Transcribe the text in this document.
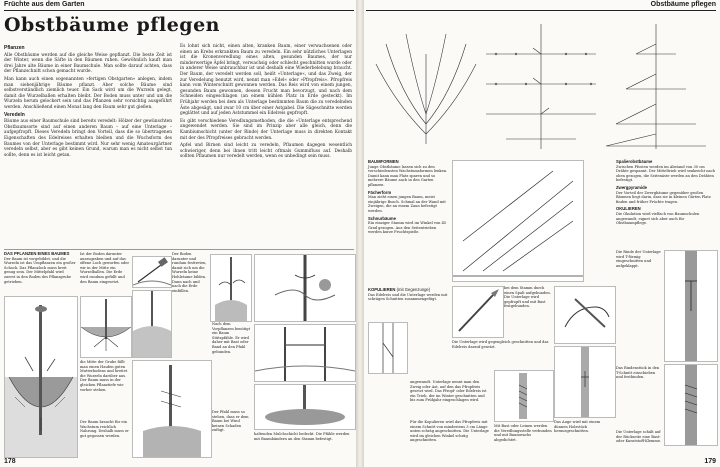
Früchte aus dem Garten
Obstbäume pflegen
Pflanzen

Alle Obstbäume werden auf die gleiche Weise gepflanzt. Die beste Zeit ist der Winter, wenn die Säfte in den Bäumen ruhen. Gewöhnlich kauft man drei Jahre alte Bäume in einer Baumschule. Man sollte darauf achten, dass der Pflanzschnitt schon gemacht wurde.

Man kann auch einen sogenannten »fertigen Obstgarten« anlegen, indem man siebenjährige Bäume pflanzt. Aber solche Bäume sind selbstverständlich ziemlich teuer. Ein Sack wird um die Wurzeln gelegt, damit die Wurzelballen erhalten bleibt. Der Boden muss unter und um die Wurzeln herum gelockert sein und das Pflanzen sehr vorsichtig ausgeführt werden. Anschließend einen Monat lang den Baum sehr gut gießen.

Veredeln

Bäume aus einer Baumschule sind bereits veredelt: Hölzer der gewünschten Obstbaumsorte sind auf einen anderen Baum – auf eine Unterlage – aufgepfropft. Dieses Veredeln bringt den Vorteil, dass die so übertragenen Eigenschaften des Edelreises erhalten bleiben und die Wuchsform des Baumes von der Unterlage bestimmt wird. Nur sehr wenig Amateurgärtner veredeln selbst, aber es gibt keinen Grund, warum man es nicht selbst tun sollte, denn es ist leicht getan.

Es lohnt sich nicht, einen alten, kranken Baum, einer verwachsenen oder einen an Krebs erkrankten Baum zu veredeln. Ein sehr nützliches Unterlagen ist die Kronenveredlung eines alten, gesunden Baumes, der nur minderwertige Äpfel bringt, verwachsig oder schlecht geschnitten wurde oder in anderer Weise unbrauchbar ist und deshalb eine Wiederbelebung braucht. Der Baum, der veredelt werden soll, heißt »Unterlage«, und das Zweig, der zur Veredelung benutzt wird, nennt man »Edel« oder »Pfropfreis«. Pfropfreis kann vom Winterschnitt gewonnen werden. Das Reis wird von einem jungen, gesunden Baum gewonnen, dessen Frucht man bevorzugt, und nach dem Schneiden eingeschlagen (an einem kühlen Platz in Erde gesteckt). Im Frühjahr werden bei dem als Unterlage bestimmten Baum die zu veredelnden Äste abgesägt, und zwar 10 cm über einer Astgabel. Die Sägeschnitte werden geglättet und auf jeden Aststummel ein Edelreis gepfropft.

Es gibt verschiedene Veredlungsmethoden, die die »Unterlage entsprechend angewendet werden. Sie sind im Prinzip aber alle gleich, denn die Kambiumschicht (unter der Rinde) der Unterlage muss in direkten Kontakt mit der des Pfropfreises gebracht werden.

Apfel und Birnen sind leicht zu veredeln, Pflaumen dagegen wesentlich schwieriger, denn bei ihnen tritt leicht oftmals Gummifluss auf. Deshalb sollten Pflaumen nur veredelt werden, wenn es unbedingt sein muss.

DAS PFLANZEN EINES BAUMES
Der Baum ist vorgebildet, und die Wurzeln ist das Umpflanzen ein großer Schock. Das Pflanzloch muss breit genug sein. Der Mittelpfahl wird zuerst in den Boden des Pflanzgrube getrieben.
Ist der Boden darunter auszugraben und auf das offene Loch geworfen oder wir in der Mitte ein Wurzelballen. Die Erde wird rundum gefüllt und den Baum eingesetzt.
Der Boden darunter und rundum festtreten, damit sich um die Wurzeln keine Hohlräume bilden. Dann nach und nach die Erde einfüllen.
die Mitte der Grube füllt man einen Haufen guten Mutterbodens und breitet die Wurzeln darüber aus. Der Baum muss in der gleichen Pflanztiefe wie vorher stehen.
Der Baum braucht für ein Wachstum reichlich Nahrung. Deshalb muss er gut gegossen werden.
Nach dem Vorpflanzen benötigt ein Baum Stützpfähle. Er wird daher mit Bast oder Band an den Pfahl gebunden.
Der Pfahl muss so stehen, dass er dem Baum bei Wind keinen Schaden zufügt.
haltenden Mulchschicht bedeckt. Die Pfähle werden mit Baumbändern an den Stamm befestigt.
178
Obstbäume pflegen
BAUMFORMEN
Junge Obstbäume lassen sich zu den verschiedensten Wachstumsformen lenken. Damit kann man Platz sparen und so mehrere Bäume auch in den Garten pflanzen.
Fächerform
Man zieht einen jungen Baum, meist einjährige Busch. Schmal an der Wand mit Zweigen, die an einem Zaun befestigt werden.
Schnurbäume
Ein einziger Stamm wird im Winkel von 45 Grad gezogen. Aus den Seitentrieben werden kurze Fruchtspieße.
Spalierobstbäume
Zwischen Pfosten werden im Abstand von 30 cm Drähte gespannt. Der Mitteltrieb wird senkrecht nach oben gezogen, die Seitenäste werden an den Drähten befestigt.
Zwergpyramide
Der Vorteil der Zwergbäume gegenüber großen Bäumen liegt darin, dass sie in kleinen Gärten Platz finden und früher Früchte tragen.
OKULIEREN
Die Okulation wird vielfach von Baumschulen angewandt, eignet sich aber auch für Obstbaumpflege.
KOPULIEREN (mit Gegenzunge)
Das Edelreis und die Unterlage werden mit schrägen Schnitten zusammengefügt.
bei dem Stamm durch einen Spalt aufgebunden. Die Unterlage wird gepfropft und mit Bast festgebunden.
Die Unterlage wird gegengleich geschnitten und das Edelreis darauf gesetzt.
angewandt. Unterlage nennt man den Zweig oder Ast, auf den das Pfropfreis gesetzt wird. Das Pfropf- oder Edelreis ist ein Trieb, der im Winter geschnitten und bis zum Frühjahr eingeschlagen wird.
Für die Kopulieren wird das Pfropfreis mit einem Schnitt von mindestens 3 cm Länge unten schräg angeschnitten. Die Unterlage wird im gleichen Winkel schräg angeschnitten.
Mit Bast oder Leinen werden die Veredlungsstelle verbunden und mit Baumwachs abgedichtet.
Das Auge wird mit einem dünnen Holzstück herausgeschnitten.
Die Rinde der Unterlage wird T-förmig eingeschnitten und aufgeklappt.
Das Rindenstück in den T-Schnitt einschieben und festbinden.
Die Unterlage schält auf der Rückseite eine Bast- oder Kunststoff-Klemme.
179
